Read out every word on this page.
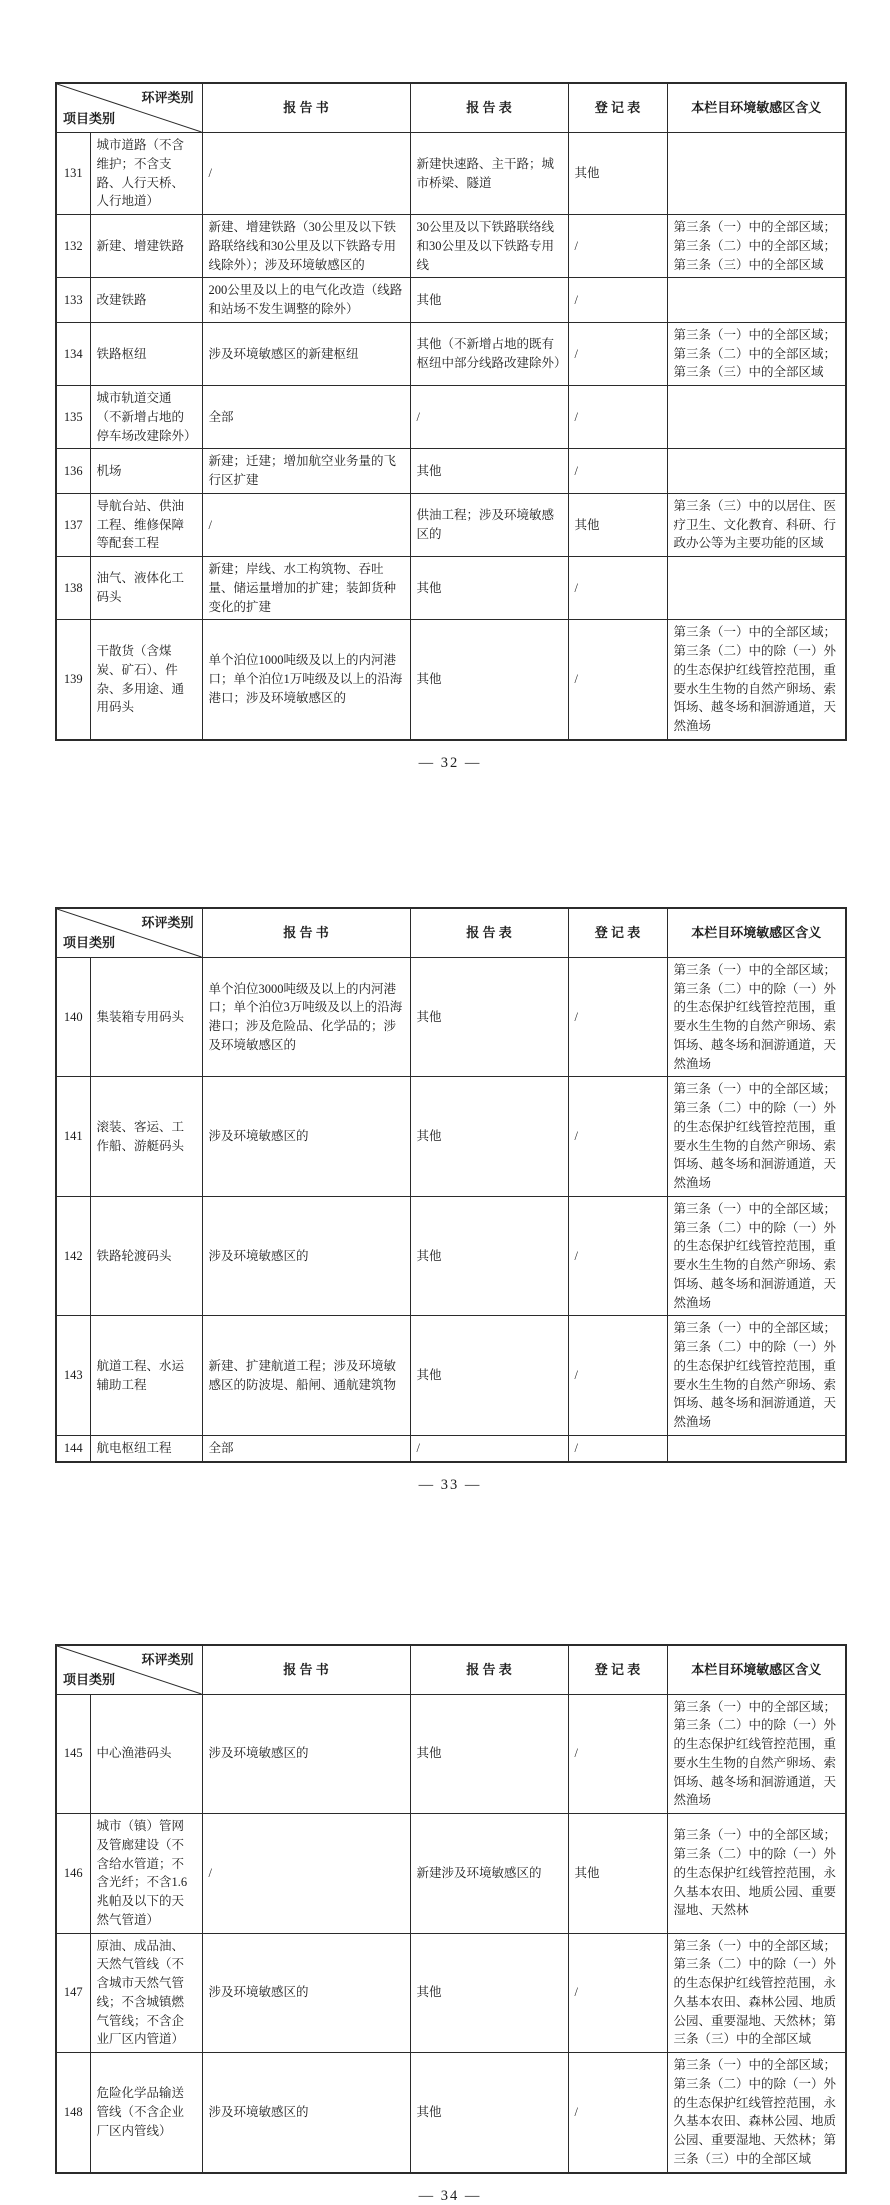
环评类别
项目类别		报 告 书	报 告 表	登 记 表	本栏目环境敏感区含义
131	城市道路（不含维护；不含支路、人行天桥、人行地道）	/	新建快速路、主干路；城市桥梁、隧道	其他	
132	新建、增建铁路	新建、增建铁路（30公里及以下铁路联络线和30公里及以下铁路专用线除外）；涉及环境敏感区的	30公里及以下铁路联络线和30公里及以下铁路专用线	/	第三条（一）中的全部区域；第三条（二）中的全部区域；第三条（三）中的全部区域
133	改建铁路	200公里及以上的电气化改造（线路和站场不发生调整的除外）	其他	/	
134	铁路枢纽	涉及环境敏感区的新建枢纽	其他（不新增占地的既有枢纽中部分线路改建除外）	/	第三条（一）中的全部区域；第三条（二）中的全部区域；第三条（三）中的全部区域
135	城市轨道交通（不新增占地的停车场改建除外）	全部	/	/	
136	机场	新建；迁建；增加航空业务量的飞行区扩建	其他	/	
137	导航台站、供油工程、维修保障等配套工程	/	供油工程；涉及环境敏感区的	其他	第三条（三）中的以居住、医疗卫生、文化教育、科研、行政办公等为主要功能的区域
138	油气、液体化工码头	新建；岸线、水工构筑物、吞吐量、储运量增加的扩建；装卸货种变化的扩建	其他	/	
139	干散货（含煤炭、矿石）、件杂、多用途、通用码头	单个泊位1000吨级及以上的内河港口；单个泊位1万吨级及以上的沿海港口；涉及环境敏感区的	其他	/	第三条（一）中的全部区域；第三条（二）中的除（一）外的生态保护红线管控范围，重要水生生物的自然产卵场、索饵场、越冬场和洄游通道，天然渔场
— 32 —
环评类别
项目类别		报 告 书	报 告 表	登 记 表	本栏目环境敏感区含义
140	集装箱专用码头	单个泊位3000吨级及以上的内河港口；单个泊位3万吨级及以上的沿海港口；涉及危险品、化学品的；涉及环境敏感区的	其他	/	第三条（一）中的全部区域；第三条（二）中的除（一）外的生态保护红线管控范围，重要水生生物的自然产卵场、索饵场、越冬场和洄游通道，天然渔场
141	滚装、客运、工作船、游艇码头	涉及环境敏感区的	其他	/	第三条（一）中的全部区域；第三条（二）中的除（一）外的生态保护红线管控范围，重要水生生物的自然产卵场、索饵场、越冬场和洄游通道，天然渔场
142	铁路轮渡码头	涉及环境敏感区的	其他	/	第三条（一）中的全部区域；第三条（二）中的除（一）外的生态保护红线管控范围，重要水生生物的自然产卵场、索饵场、越冬场和洄游通道，天然渔场
143	航道工程、水运辅助工程	新建、扩建航道工程；涉及环境敏感区的防波堤、船闸、通航建筑物	其他	/	第三条（一）中的全部区域；第三条（二）中的除（一）外的生态保护红线管控范围，重要水生生物的自然产卵场、索饵场、越冬场和洄游通道，天然渔场
144	航电枢纽工程	全部	/	/	
— 33 —
环评类别
项目类别		报 告 书	报 告 表	登 记 表	本栏目环境敏感区含义
145	中心渔港码头	涉及环境敏感区的	其他	/	第三条（一）中的全部区域；第三条（二）中的除（一）外的生态保护红线管控范围，重要水生生物的自然产卵场、索饵场、越冬场和洄游通道，天然渔场
146	城市（镇）管网及管廊建设（不含给水管道；不含光纤；不含1.6兆帕及以下的天然气管道）	/	新建涉及环境敏感区的	其他	第三条（一）中的全部区域；第三条（二）中的除（一）外的生态保护红线管控范围，永久基本农田、地质公园、重要湿地、天然林
147	原油、成品油、天然气管线（不含城市天然气管线；不含城镇燃气管线；不含企业厂区内管道）	涉及环境敏感区的	其他	/	第三条（一）中的全部区域；第三条（二）中的除（一）外的生态保护红线管控范围，永久基本农田、森林公园、地质公园、重要湿地、天然林；第三条（三）中的全部区域
148	危险化学品输送管线（不含企业厂区内管线）	涉及环境敏感区的	其他	/	第三条（一）中的全部区域；第三条（二）中的除（一）外的生态保护红线管控范围，永久基本农田、森林公园、地质公园、重要湿地、天然林；第三条（三）中的全部区域
— 34 —
